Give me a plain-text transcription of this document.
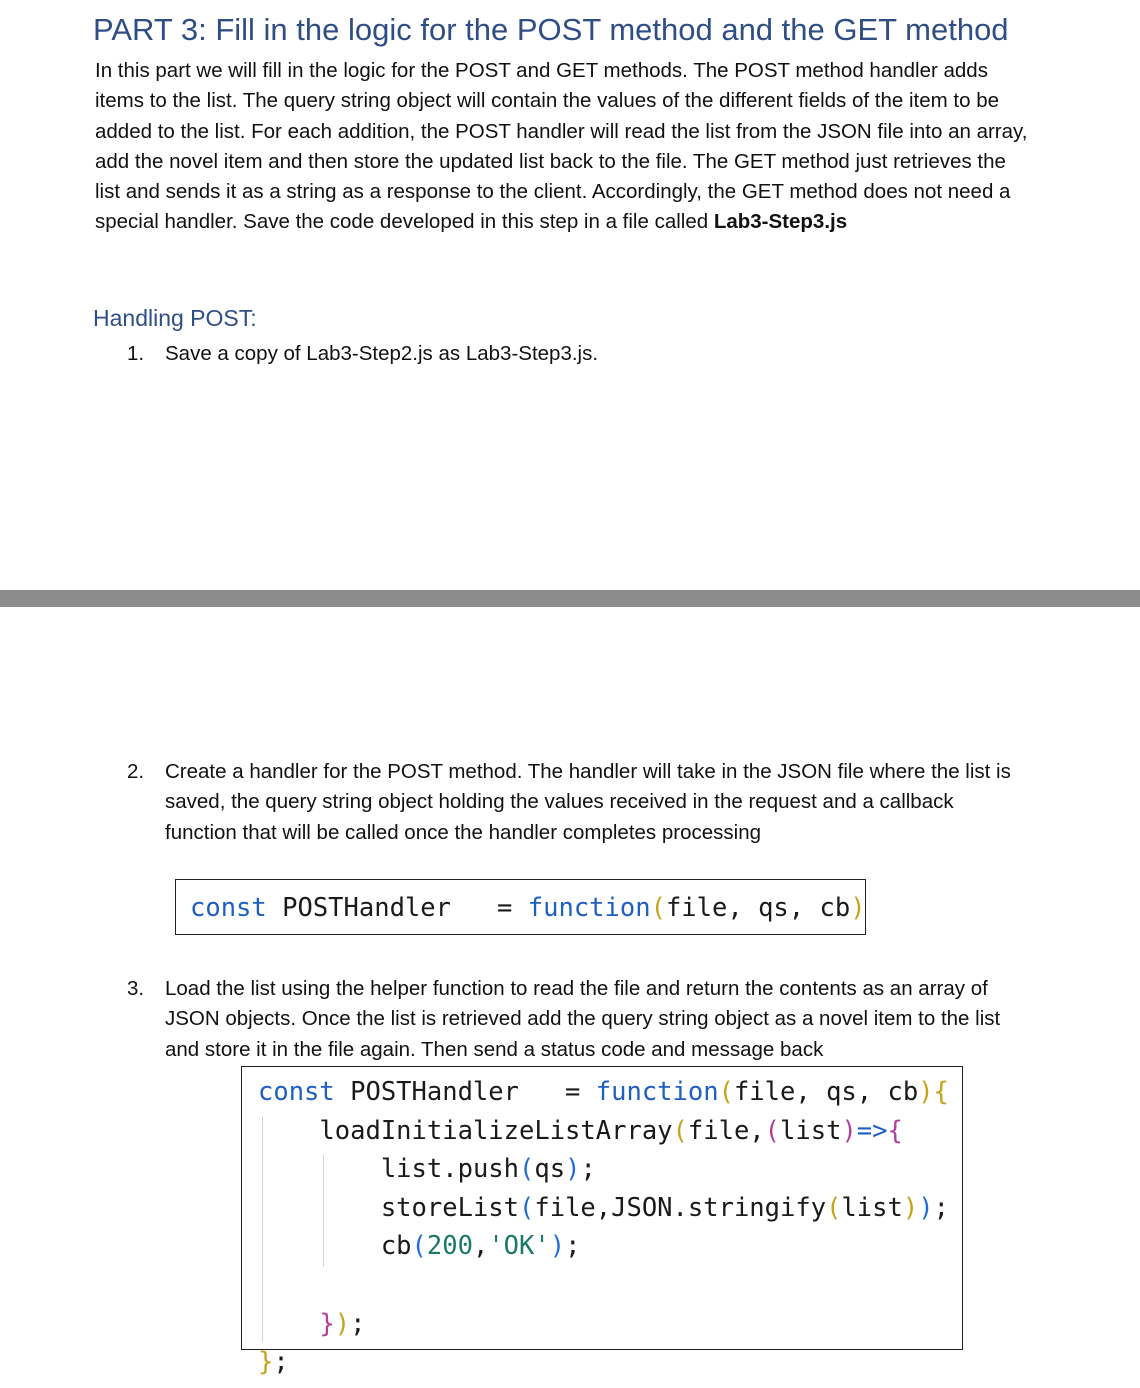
PART 3: Fill in the logic for the POST method and the GET method

In this part we will fill in the logic for the POST and GET methods. The POST method handler adds items to the list. The query string object will contain the values of the different fields of the item to be added to the list. For each addition, the POST handler will read the list from the JSON file into an array, add the novel item and then store the updated list back to the file. The GET method just retrieves the list and sends it as a string as a response to the client. Accordingly, the GET method does not need a special handler. Save the code developed in this step in a file called Lab3-Step3.js

Handling POST:

1. Save a copy of Lab3-Step2.js as Lab3-Step3.js.

2. Create a handler for the POST method. The handler will take in the JSON file where the list is saved, the query string object holding the values received in the request and a callback function that will be called once the handler completes processing

const POSTHandler   = function(file, qs, cb)

3. Load the list using the helper function to read the file and return the contents as an array of JSON objects. Once the list is retrieved add the query string object as a novel item to the list and store it in the file again. Then send a status code and message back

const POSTHandler   = function(file, qs, cb){
loadInitializeListArray(file,(list)=>{
list.push(qs);
storeList(file,JSON.stringify(list));
cb(200,'OK');

});
};
